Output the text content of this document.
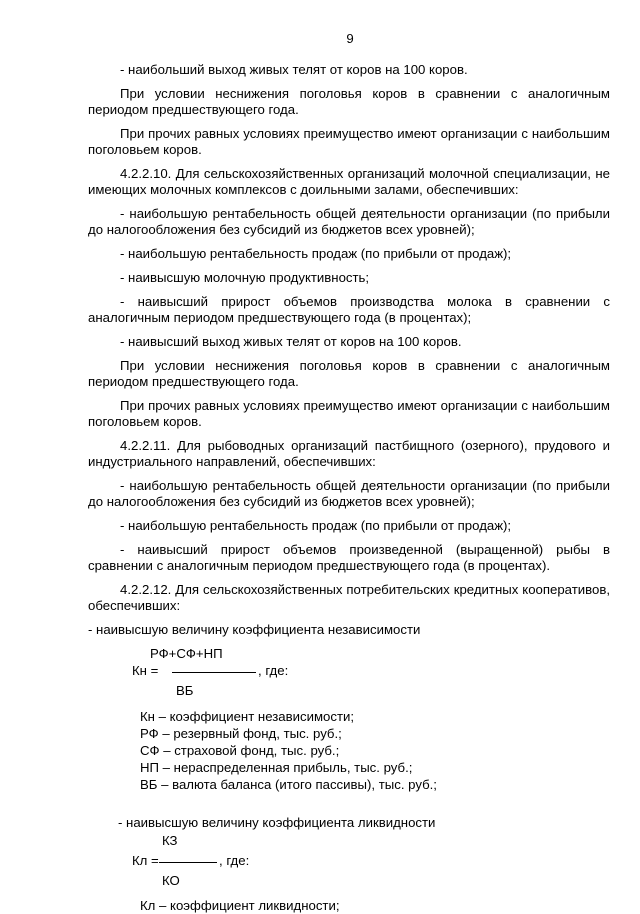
9

- наибольший выход живых телят от коров на 100 коров.

При условии неснижения поголовья коров в сравнении с аналогичным периодом предшествующего года.

При прочих равных условиях преимущество имеют организации с наибольшим поголовьем коров.

4.2.2.10. Для сельскохозяйственных организаций молочной специализации, не имеющих молочных комплексов с доильными залами, обеспечивших:

- наибольшую рентабельность общей деятельности организации (по прибыли до налогообложения без субсидий из бюджетов всех уровней);

- наибольшую рентабельность продаж (по прибыли от продаж);

- наивысшую молочную продуктивность;

- наивысший прирост объемов производства молока в сравнении с аналогичным периодом предшествующего года (в процентах);

- наивысший выход живых телят от коров на 100 коров.

При условии неснижения поголовья коров в сравнении с аналогичным периодом предшествующего года.

При прочих равных условиях преимущество имеют организации с наибольшим поголовьем коров.

4.2.2.11. Для рыбоводных организаций пастбищного (озерного), прудового и индустриального направлений, обеспечивших:

- наибольшую рентабельность общей деятельности организации (по прибыли до налогообложения без субсидий из бюджетов всех уровней);

- наибольшую рентабельность продаж (по прибыли от продаж);

- наивысший прирост объемов произведенной (выращенной) рыбы в сравнении с аналогичным периодом предшествующего года (в процентах).

4.2.2.12. Для сельскохозяйственных потребительских кредитных кооперативов, обеспечивших:

- наивысшую величину коэффициента независимости

РФ+СФ+НП
Кн =	, где:
ВБ
Кн – коэффициент независимости;
РФ – резервный фонд, тыс. руб.;
СФ – страховой фонд, тыс. руб.;
НП – нераспределенная прибыль, тыс. руб.;
ВБ – валюта баланса (итого пассивы), тыс. руб.;

- наивысшую величину коэффициента ликвидности

КЗ
Кл =	, где:
КО
Кл – коэффициент ликвидности;
